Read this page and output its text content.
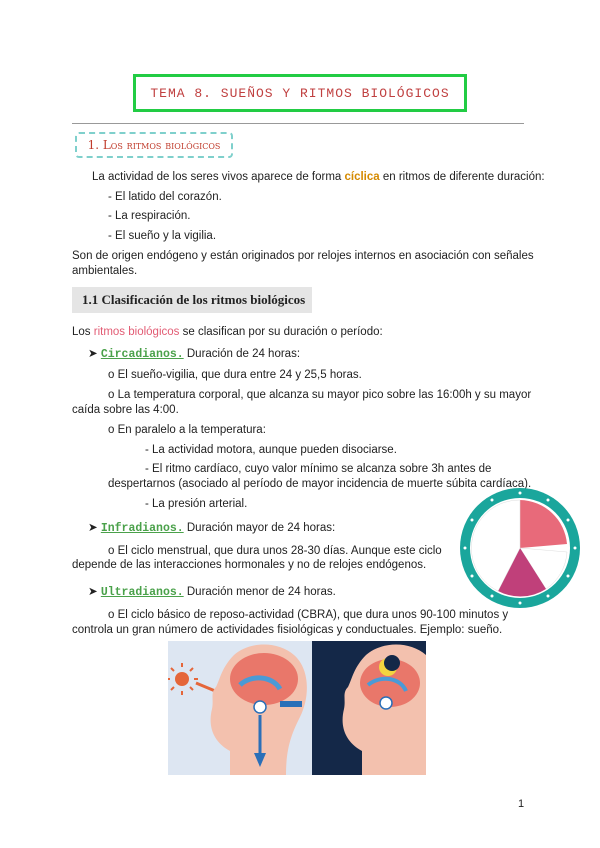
TEMA 8. SUEÑOS Y RITMOS BIOLÓGICOS
1. Los ritmos biológicos
La actividad de los seres vivos aparece de forma cíclica en ritmos de diferente duración:
- El latido del corazón.
- La respiración.
- El sueño y la vigilia.
Son de origen endógeno y están originados por relojes internos en asociación con señales
ambientales.
1.1 Clasificación de los ritmos biológicos
Los ritmos biológicos se clasifican por su duración o período:
➤ Circadianos. Duración de 24 horas:
o El sueño-vigilia, que dura entre 24 y 25,5 horas.
o La temperatura corporal, que alcanza su mayor pico sobre las 16:00h y su mayor
caída sobre las 4:00.
o En paralelo a la temperatura:
- La actividad motora, aunque pueden disociarse.
- El ritmo cardíaco, cuyo valor mínimo se alcanza sobre 3h antes de
despertarnos (asociado al período de mayor incidencia de muerte súbita cardíaca).
- La presión arterial.
➤ Infradianos. Duración mayor de 24 horas:
o El ciclo menstrual, que dura unos 28-30 días. Aunque este ciclo
depende de las interacciones hormonales y no de relojes endógenos.
➤ Ultradianos. Duración menor de 24 horas.
o El ciclo básico de reposo-actividad (CBRA), que dura unos 90-100 minutos y
controla un gran número de actividades fisiológicas y conductuales. Ejemplo: sueño.
1
